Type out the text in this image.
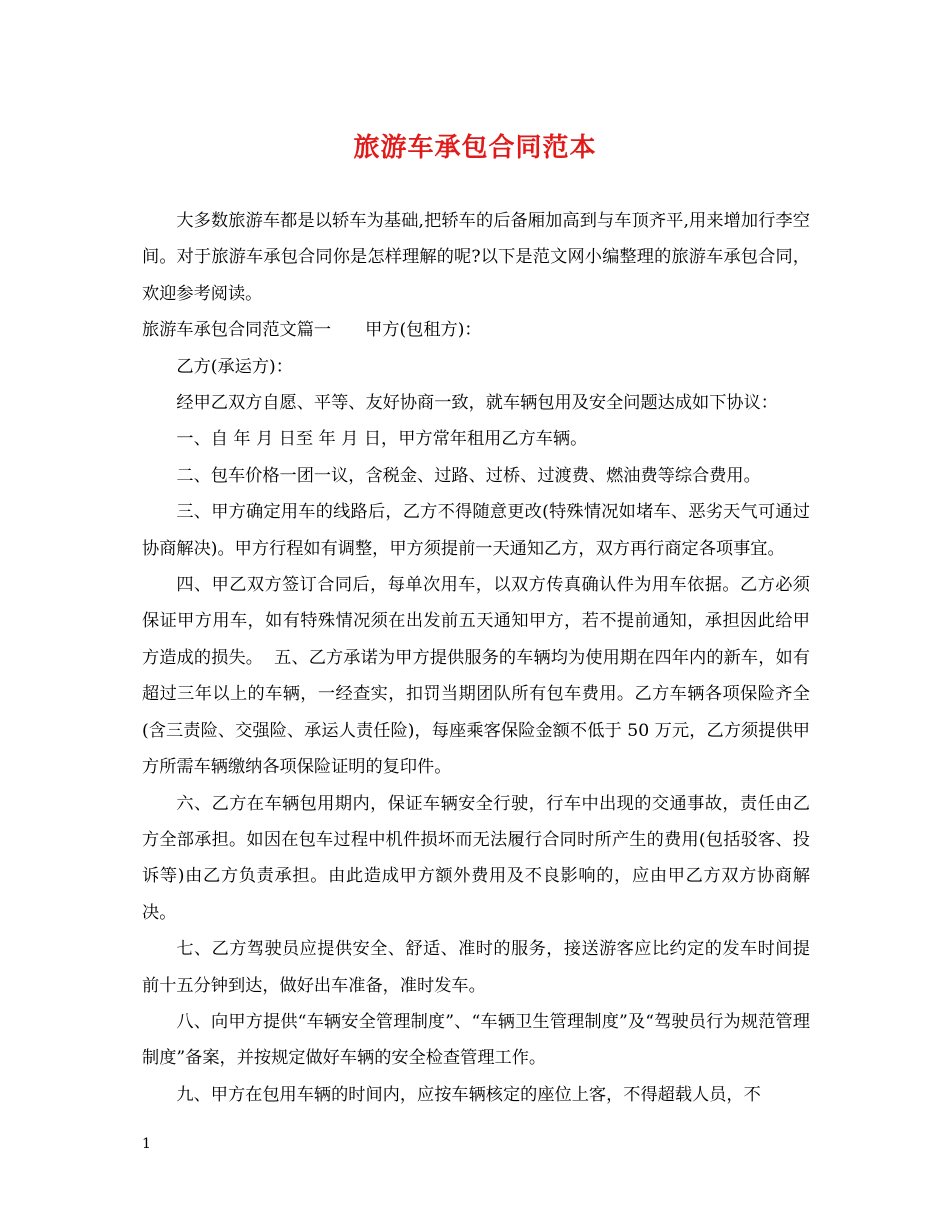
旅游车承包合同范本

大多数旅游车都是以轿车为基础,把轿车的后备厢加高到与车顶齐平,用来增加行李空间。对于旅游车承包合同你是怎样理解的呢?以下是范文网小编整理的旅游车承包合同，欢迎参考阅读。

旅游车承包合同范文篇一 甲方(包租方)：

乙方(承运方)：

经甲乙双方自愿、平等、友好协商一致，就车辆包用及安全问题达成如下协议：

一、自 年 月 日至 年 月 日，甲方常年租用乙方车辆。

二、包车价格一团一议，含税金、过路、过桥、过渡费、燃油费等综合费用。

三、甲方确定用车的线路后，乙方不得随意更改(特殊情况如堵车、恶劣天气可通过协商解决)。甲方行程如有调整，甲方须提前一天通知乙方，双方再行商定各项事宜。

四、甲乙双方签订合同后，每单次用车，以双方传真确认件为用车依据。乙方必须保证甲方用车，如有特殊情况须在出发前五天通知甲方，若不提前通知，承担因此给甲方造成的损失。 五、乙方承诺为甲方提供服务的车辆均为使用期在四年内的新车，如有超过三年以上的车辆，一经查实，扣罚当期团队所有包车费用。乙方车辆各项保险齐全(含三责险、交强险、承运人责任险)，每座乘客保险金额不低于 50 万元，乙方须提供甲方所需车辆缴纳各项保险证明的复印件。

六、乙方在车辆包用期内，保证车辆安全行驶，行车中出现的交通事故，责任由乙方全部承担。如因在包车过程中机件损坏而无法履行合同时所产生的费用(包括驳客、投诉等)由乙方负责承担。由此造成甲方额外费用及不良影响的，应由甲乙方双方协商解决。

七、乙方驾驶员应提供安全、舒适、准时的服务，接送游客应比约定的发车时间提前十五分钟到达，做好出车准备，准时发车。

八、向甲方提供“车辆安全管理制度”、“车辆卫生管理制度”及“驾驶员行为规范管理制度”备案，并按规定做好车辆的安全检查管理工作。

九、甲方在包用车辆的时间内，应按车辆核定的座位上客，不得超载人员，不

1
